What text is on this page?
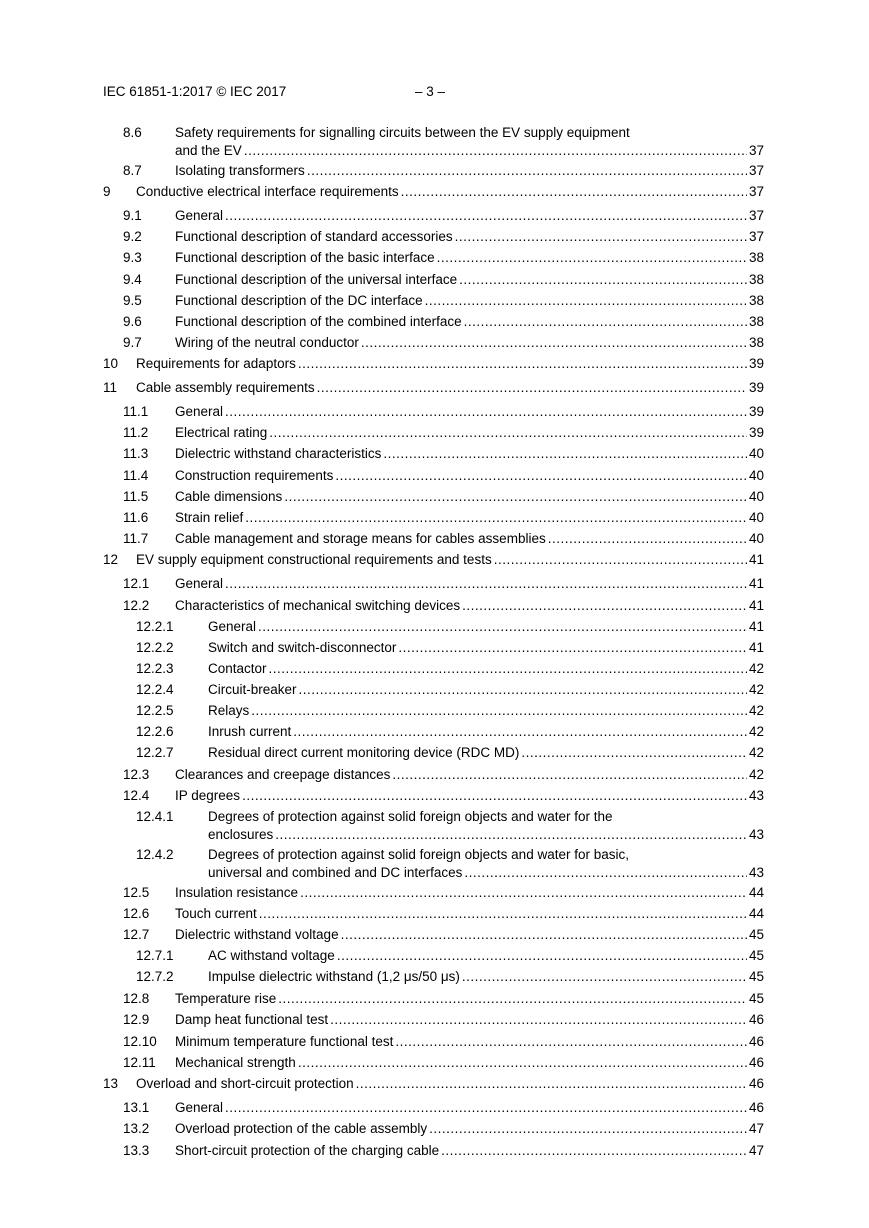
IEC 61851-1:2017 © IEC 2017	– 3 –
8.6 Safety requirements for signalling circuits between the EV supply equipment
and the EV .....	37
8.7 Isolating transformers .....	37
9 Conductive electrical interface requirements .....	37
9.1 General .....	37
9.2 Functional description of standard accessories .....	37
9.3 Functional description of the basic interface .....	38
9.4 Functional description of the universal interface .....	38
9.5 Functional description of the DC interface .....	38
9.6 Functional description of the combined interface .....	38
9.7 Wiring of the neutral conductor .....	38
10 Requirements for adaptors .....	39
11 Cable assembly requirements .....	39
11.1 General .....	39
11.2 Electrical rating .....	39
11.3 Dielectric withstand characteristics .....	40
11.4 Construction requirements .....	40
11.5 Cable dimensions .....	40
11.6 Strain relief .....	40
11.7 Cable management and storage means for cables assemblies .....	40
12 EV supply equipment constructional requirements and tests .....	41
12.1 General .....	41
12.2 Characteristics of mechanical switching devices .....	41
12.2.1	General .....	41
12.2.2	Switch and switch-disconnector .....	41
12.2.3	Contactor .....	42
12.2.4	Circuit-breaker .....	42
12.2.5	Relays .....	42
12.2.6	Inrush current .....	42
12.2.7	Residual direct current monitoring device (RDC MD) .....	42
12.3 Clearances and creepage distances .....	42
12.4 IP degrees .....	43
12.4.1	Degrees of protection against solid foreign objects and water for the
enclosures .....	43
12.4.2	Degrees of protection against solid foreign objects and water for basic,
universal and combined and DC interfaces .....	43
12.5 Insulation resistance .....	44
12.6 Touch current .....	44
12.7 Dielectric withstand voltage .....	45
12.7.1	AC withstand voltage .....	45
12.7.2	Impulse dielectric withstand (1,2 μs/50 μs) .....	45
12.8 Temperature rise .....	45
12.9 Damp heat functional test .....	46
12.10 Minimum temperature functional test .....	46
12.11 Mechanical strength .....	46
13 Overload and short-circuit protection .....	46
13.1 General .....	46
13.2 Overload protection of the cable assembly .....	47
13.3 Short-circuit protection of the charging cable .....	47
